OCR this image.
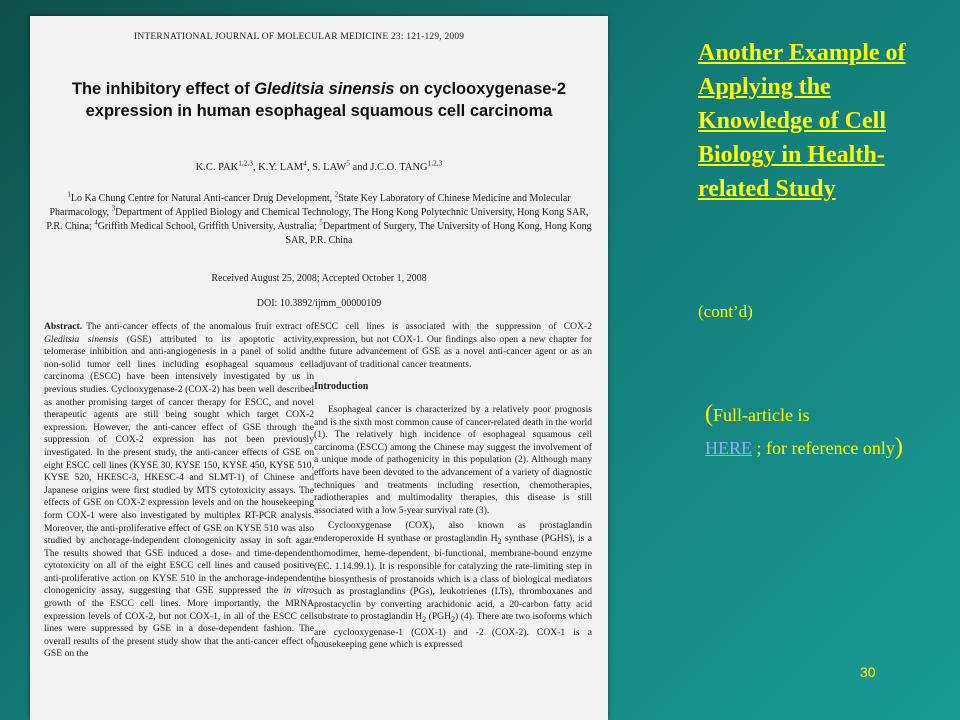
INTERNATIONAL JOURNAL OF MOLECULAR MEDICINE 23: 121-129, 2009
The inhibitory effect of Gleditsia sinensis on cyclooxygenase-2
expression in human esophageal squamous cell carcinoma
K.C. PAK$^{1,2,3}$, K.Y. LAM$^4$, S. LAW$^5$ and J.C.O. TANG$^{1,2,3}$
$^1$Lo Ka Chung Centre for Natural Anti-cancer Drug Development, $^2$State Key Laboratory of Chinese Medicine and Molecular Pharmacology, $^3$Department of Applied Biology and Chemical Technology, The Hong Kong Polytechnic University, Hong Kong SAR, P.R. China; $^4$Griffith Medical School, Griffith University, Australia; $^5$Department of Surgery, The University of Hong Kong, Hong Kong SAR, P.R. China
Received August 25, 2008; Accepted October 1, 2008
DOI: 10.3892/ijmm_00000109

Abstract. The anti-cancer effects of the anomalous fruit extract of Gleditsia sinensis (GSE) attributed to its apoptotic activity, telomerase inhibition and anti-angiogenesis in a panel of solid and non-solid tumor cell lines including esophageal squamous cell carcinoma (ESCC) have been intensively investigated by us in previous studies. Cyclooxygenase-2 (COX-2) has been well described as another promising target of cancer therapy for ESCC, and novel therapeutic agents are still being sought which target COX-2 expression. However, the anti-cancer effect of GSE through the suppression of COX-2 expression has not been previously investigated. In the present study, the anti-cancer effects of GSE on eight ESCC cell lines (KYSE 30, KYSE 150, KYSE 450, KYSE 510, KYSE 520, HKESC-3, HKESC-4 and SLMT-1) of Chinese and Japanese origins were first studied by MTS cytotoxicity assays. The effects of GSE on COX-2 expression levels and on the housekeeping form COX-1 were also investigated by multiplex RT-PCR analysis. Moreover, the anti-proliferative effect of GSE on KYSE 510 was also studied by anchorage-independent clonogenicity assay in soft agar. The results showed that GSE induced a dose- and time-dependent cytotoxicity on all of the eight ESCC cell lines and caused positive anti-proliferative action on KYSE 510 in the anchorage-independent clonogenicity assay, suggesting that GSE suppressed the in vitro growth of the ESCC cell lines. More importantly, the MRNA expression levels of COX-2, but not COX-1, in all of the ESCC cell lines were suppressed by GSE in a dose-dependent fashion. The overall results of the present study show that the anti-cancer effect of GSE on the

ESCC cell lines is associated with the suppression of COX-2 expression, but not COX-1. Our findings also open a new chapter for the future advancement of GSE as a novel anti-cancer agent or as an adjuvant of traditional cancer treatments.

Introduction

Esophageal cancer is characterized by a relatively poor prognosis and is the sixth most common cause of cancer-related death in the world (1). The relatively high incidence of esophageal squamous cell carcinoma (ESCC) among the Chinese may suggest the involvement of a unique mode of pathogenicity in this population (2). Although many efforts have been devoted to the advancement of a variety of diagnostic techniques and treatments including resection, chemotherapies, radiotherapies and multimodality therapies, this disease is still associated with a low 5-year survival rate (3).

Cyclooxygenase (COX), also known as prostaglandin enderoperoxide H synthase or prostaglandin $H_2$ synthase (PGHS), is a homodimer, heme-dependent, bi-functional, membrane-bound enzyme (EC. 1.14.99.1). It is responsible for catalyzing the rate-limiting step in the biosynthesis of prostanoids which is a class of biological mediators such as prostaglandins (PGs), leukotrienes (LTs), thromboxanes and prostacyclin by converting arachidonic acid, a 20-carbon fatty acid substrate to prostaglandin $H_2$ $(PGH_2)$ (4). There are two isoforms which are cyclooxygenase-1 (COX-1) and -2 (COX-2). COX-1 is a housekeeping gene which is expressed

Another Example of Applying the Knowledge of Cell Biology in Health-related Study
(cont’d)
(Full-article is
HERE ; for reference only)
30
